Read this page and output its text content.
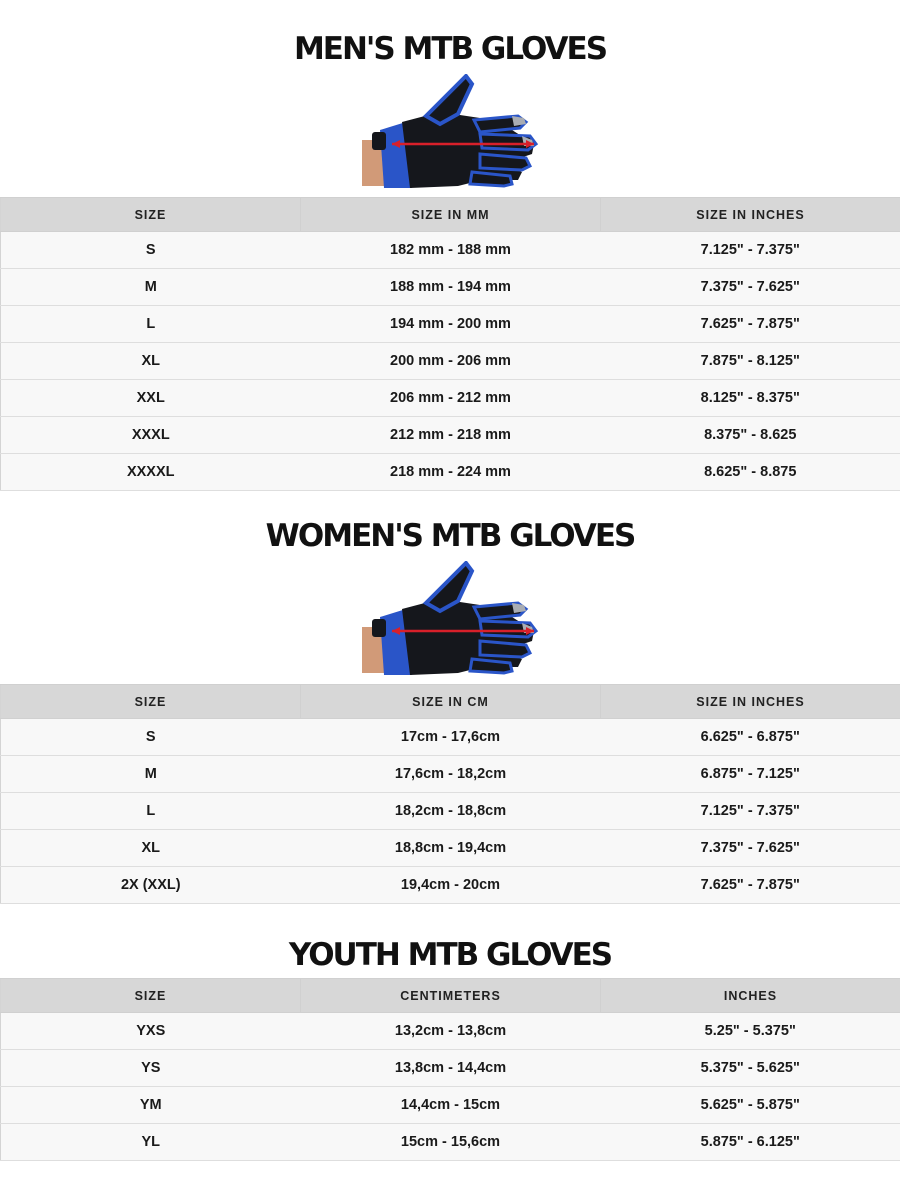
MEN'S MTB GLOVES
SIZE	SIZE IN MM	SIZE IN INCHES
S	182 mm - 188 mm	7.125" - 7.375"
M	188 mm - 194 mm	7.375" - 7.625"
L	194 mm - 200 mm	7.625" - 7.875"
XL	200 mm - 206 mm	7.875" - 8.125"
XXL	206 mm - 212 mm	8.125" - 8.375"
XXXL	212 mm - 218 mm	8.375" - 8.625
XXXXL	218 mm - 224 mm	8.625" - 8.875
WOMEN'S MTB GLOVES
SIZE	SIZE IN CM	SIZE IN INCHES
S	17cm - 17,6cm	6.625" - 6.875"
M	17,6cm - 18,2cm	6.875" - 7.125"
L	18,2cm - 18,8cm	7.125" - 7.375"
XL	18,8cm - 19,4cm	7.375" - 7.625"
2X (XXL)	19,4cm - 20cm	7.625" - 7.875"
YOUTH MTB GLOVES
SIZE	CENTIMETERS	INCHES
YXS	13,2cm - 13,8cm	5.25" - 5.375"
YS	13,8cm - 14,4cm	5.375" - 5.625"
YM	14,4cm - 15cm	5.625" - 5.875"
YL	15cm - 15,6cm	5.875" - 6.125"
